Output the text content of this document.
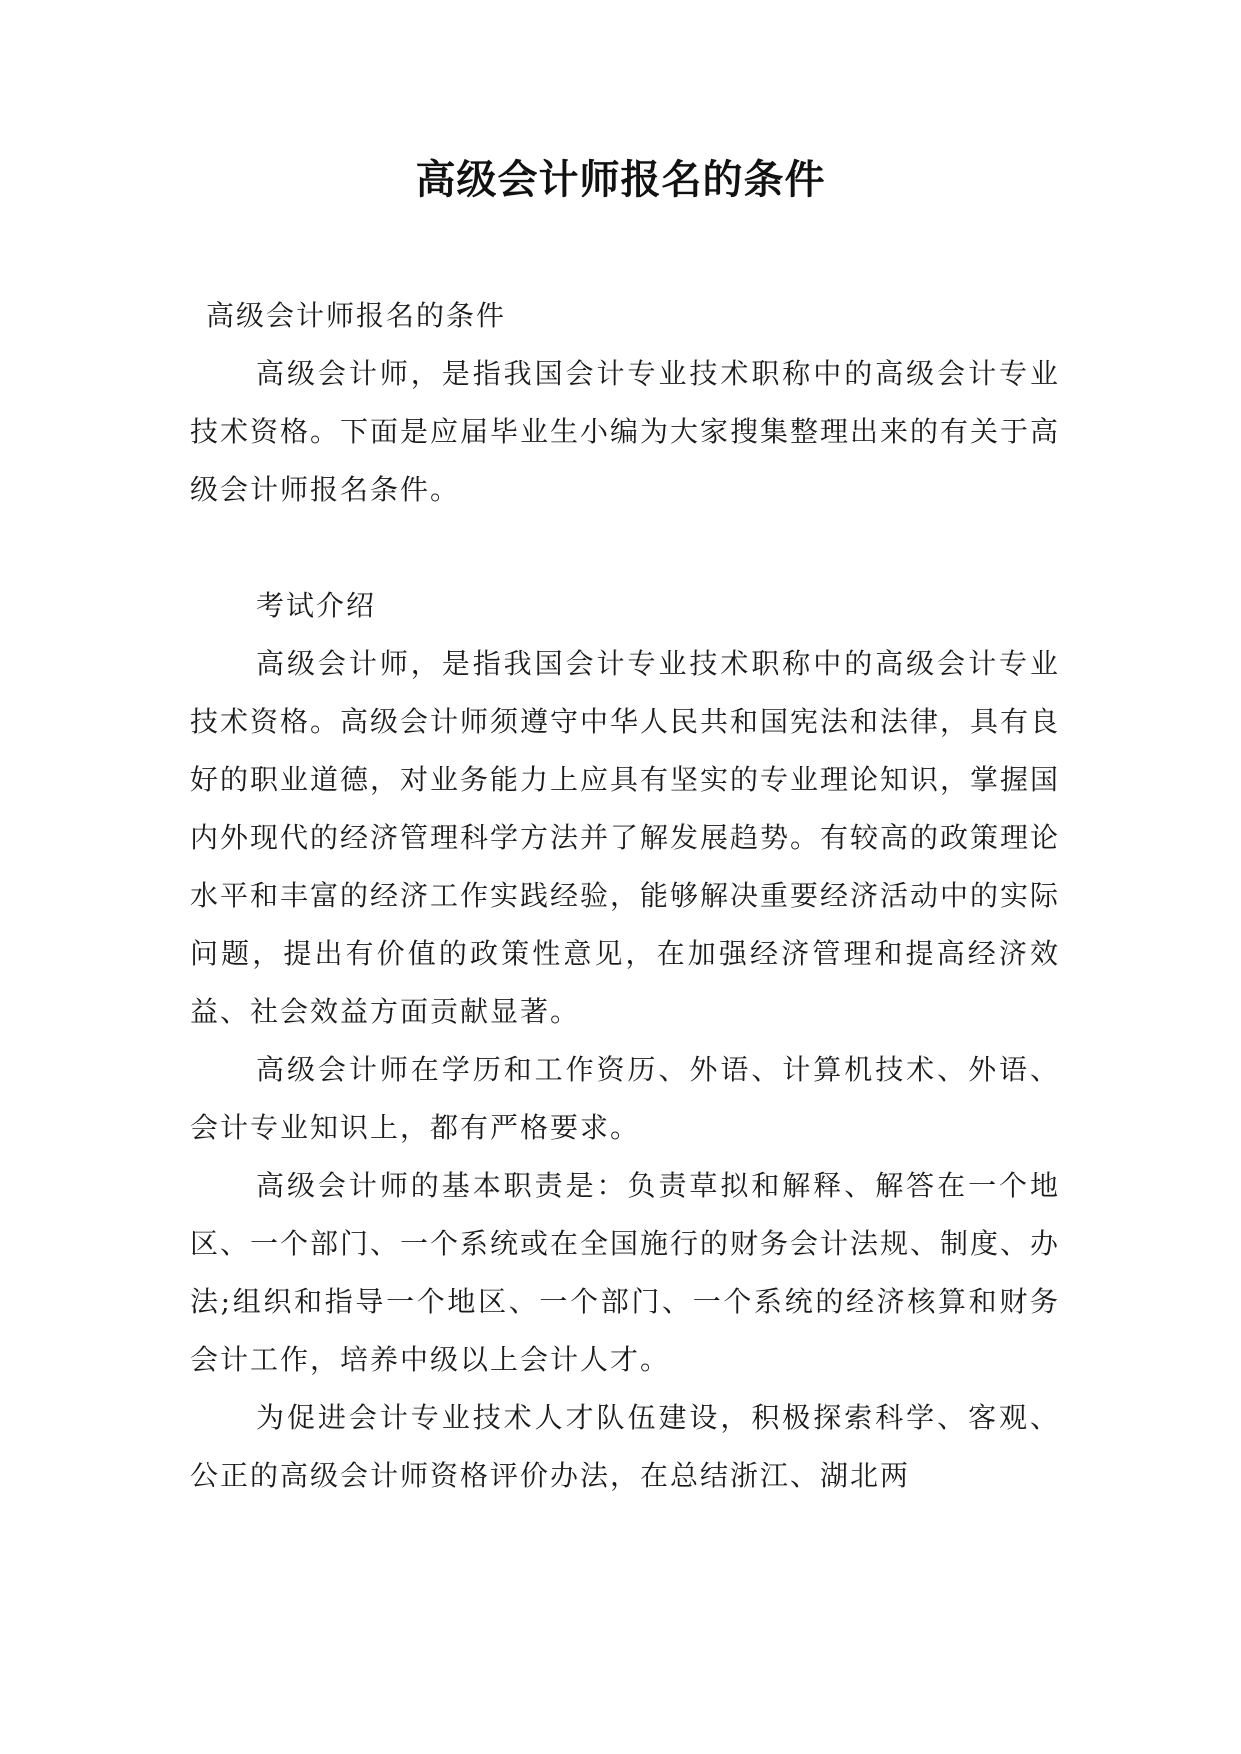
高级会计师报名的条件

高级会计师报名的条件

高级会计师，是指我国会计专业技术职称中的高级会计专业技术资格。下面是应届毕业生小编为大家搜集整理出来的有关于高级会计师报名条件。

考试介绍

高级会计师，是指我国会计专业技术职称中的高级会计专业技术资格。高级会计师须遵守中华人民共和国宪法和法律，具有良好的职业道德，对业务能力上应具有坚实的专业理论知识，掌握国内外现代的经济管理科学方法并了解发展趋势。有较高的政策理论水平和丰富的经济工作实践经验，能够解决重要经济活动中的实际问题，提出有价值的政策性意见，在加强经济管理和提高经济效益、社会效益方面贡献显著。

高级会计师在学历和工作资历、外语、计算机技术、外语、会计专业知识上，都有严格要求。

高级会计师的基本职责是：负责草拟和解释、解答在一个地区、一个部门、一个系统或在全国施行的财务会计法规、制度、办法;组织和指导一个地区、一个部门、一个系统的经济核算和财务会计工作，培养中级以上会计人才。

为促进会计专业技术人才队伍建设，积极探索科学、客观、公正的高级会计师资格评价办法，在总结浙江、湖北两
